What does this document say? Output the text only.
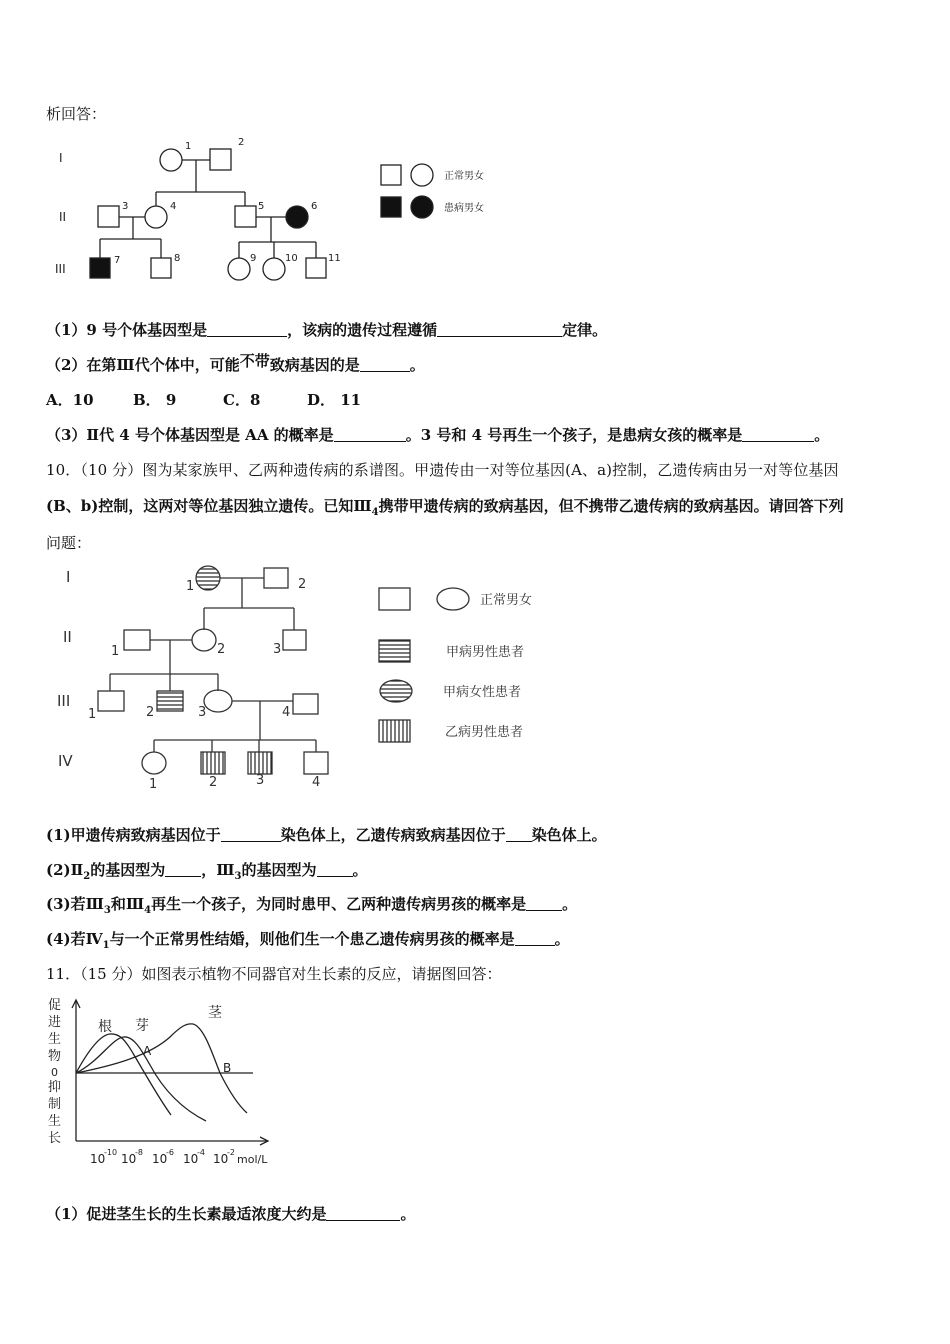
析回答：
I
II
III
1	2
3	4	5	6
7	8	9	10	11
正常男女
患病男女
（1）9 号个体基因型是	，该病的遗传过程遵循	定律。
（2）在第Ⅲ代个体中，可能不带致病基因的是	。
A．10	B． 9	C．8	D． 11
（3）Ⅱ代 4 号个体基因型是 AA 的概率是	。3 号和 4 号再生一个孩子，是患病女孩的概率是	。
10．（10 分）图为某家族甲、乙两种遗传病的系谱图。甲遗传由一对等位基因(A、a)控制，乙遗传病由另一对等位基因
(B、b)控制，这两对等位基因独立遗传。已知$Ⅲ_4$携带甲遗传病的致病基因，但不携带乙遗传病的致病基因。请回答下列
问题：
I
II
III
IV
1	2
1	2	3
1	2	3	4
1	2	3	4
正常男女
甲病男性患者
甲病女性患者
乙病男性患者
(1)甲遗传病致病基因位于	染色体上，乙遗传病致病基因位于 染色体上。
$(2)Ⅱ_2$的基因型为 ，$Ⅲ_3$的基因型为 。
(3)若$Ⅲ_3$和$Ⅲ_4$再生一个孩子，为同时患甲、乙两种遗传病男孩的概率是 。
(4)若$Ⅳ_1$与一个正常男性结婚，则他们生一个患乙遗传病男孩的概率是	。
11．（15 分）如图表示植物不同器官对生长素的反应，请据图回答：
促
进
生
物
0
抑
制
生
长
根 芽
茎
A
B
10
-10 10
-8 10
-6 10
-4 10
-2
mol/L
（1）促进茎生长的生长素最适浓度大约是	。
